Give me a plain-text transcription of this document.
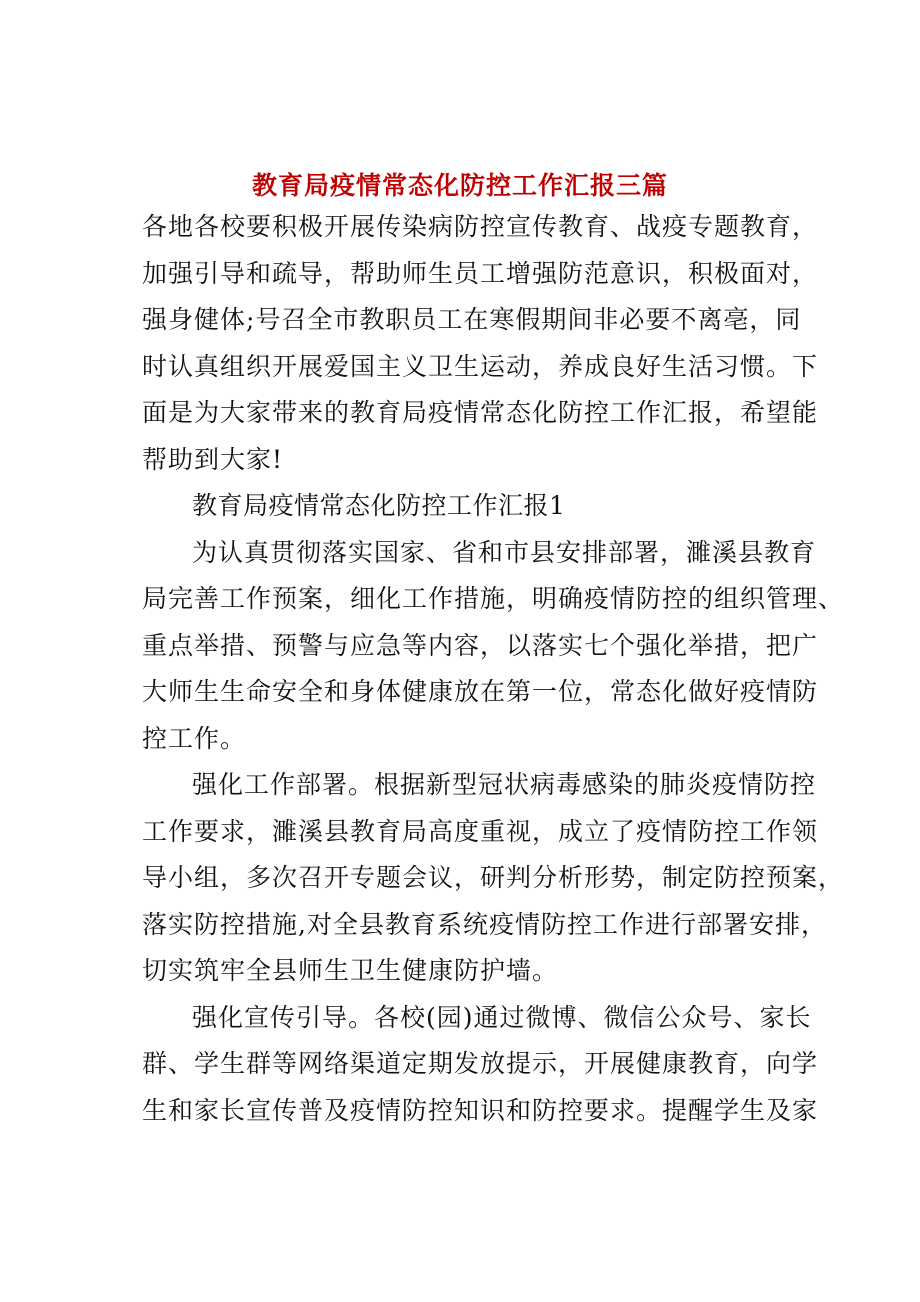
教育局疫情常态化防控工作汇报三篇

各地各校要积极开展传染病防控宣传教育、战疫专题教育，
加强引导和疏导，帮助师生员工增强防范意识，积极面对，
强身健体;号召全市教职员工在寒假期间非必要不离亳，同
时认真组织开展爱国主义卫生运动，养成良好生活习惯。下
面是为大家带来的教育局疫情常态化防控工作汇报，希望能
帮助到大家!

教育局疫情常态化防控工作汇报1

为认真贯彻落实国家、省和市县安排部署，濉溪县教育
局完善工作预案，细化工作措施，明确疫情防控的组织管理、
重点举措、预警与应急等内容，以落实七个强化举措，把广
大师生生命安全和身体健康放在第一位，常态化做好疫情防
控工作。

强化工作部署。根据新型冠状病毒感染的肺炎疫情防控
工作要求，濉溪县教育局高度重视，成立了疫情防控工作领
导小组，多次召开专题会议，研判分析形势，制定防控预案，
落实防控措施,对全县教育系统疫情防控工作进行部署安排，
切实筑牢全县师生卫生健康防护墙。

强化宣传引导。各校(园)通过微博、微信公众号、家长
群、学生群等网络渠道定期发放提示，开展健康教育，向学
生和家长宣传普及疫情防控知识和防控要求。提醒学生及家
